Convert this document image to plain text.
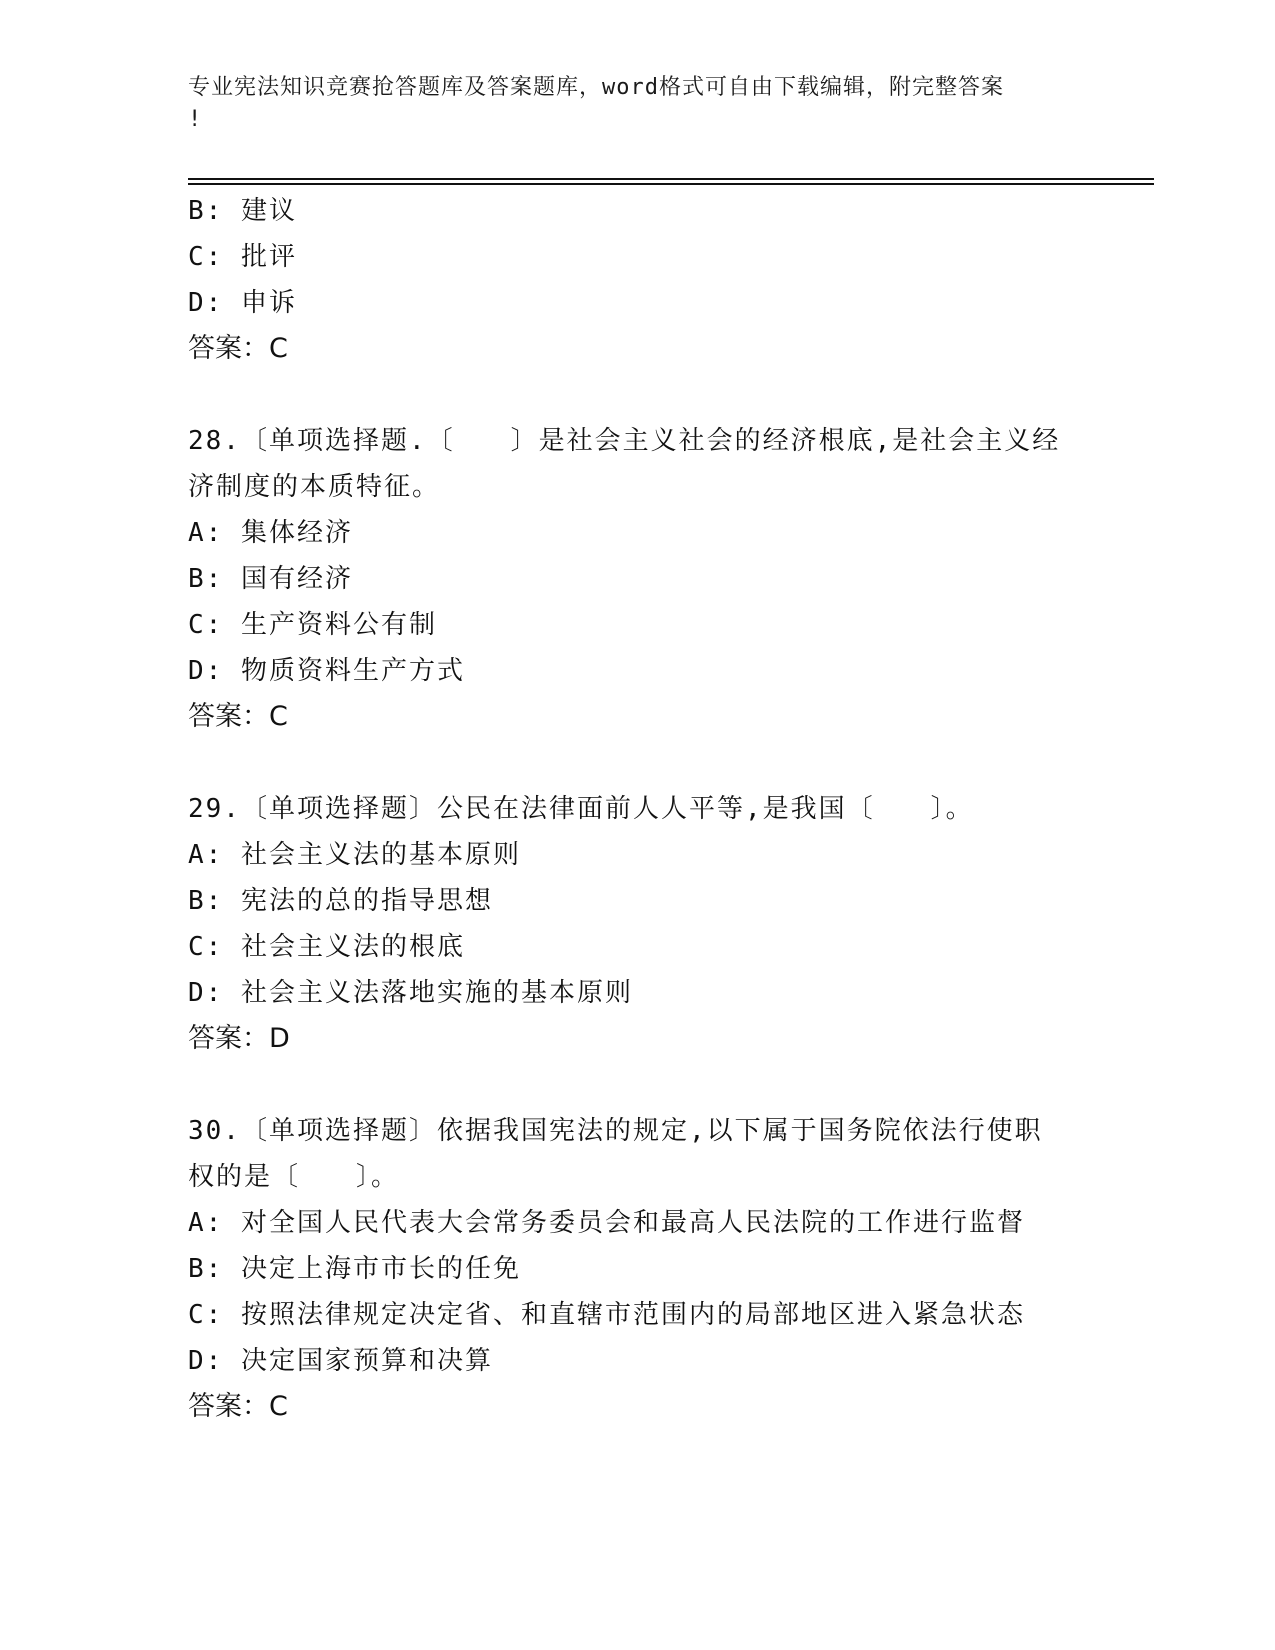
专业宪法知识竞赛抢答题库及答案题库，word格式可自由下载编辑，附完整答案
!

B: 建议

C: 批评

D: 申诉

答案：C

28.〔单项选择题.〔　　〕是社会主义社会的经济根底,是社会主义经

济制度的本质特征。

A: 集体经济

B: 国有经济

C: 生产资料公有制

D: 物质资料生产方式

答案：C

29.〔单项选择题〕公民在法律面前人人平等,是我国〔　　〕。

A: 社会主义法的基本原则

B: 宪法的总的指导思想

C: 社会主义法的根底

D: 社会主义法落地实施的基本原则

答案：D

30.〔单项选择题〕依据我国宪法的规定,以下属于国务院依法行使职

权的是〔　　〕。

A: 对全国人民代表大会常务委员会和最高人民法院的工作进行监督

B: 决定上海市市长的任免

C: 按照法律规定决定省、和直辖市范围内的局部地区进入紧急状态

D: 决定国家预算和决算

答案：C
